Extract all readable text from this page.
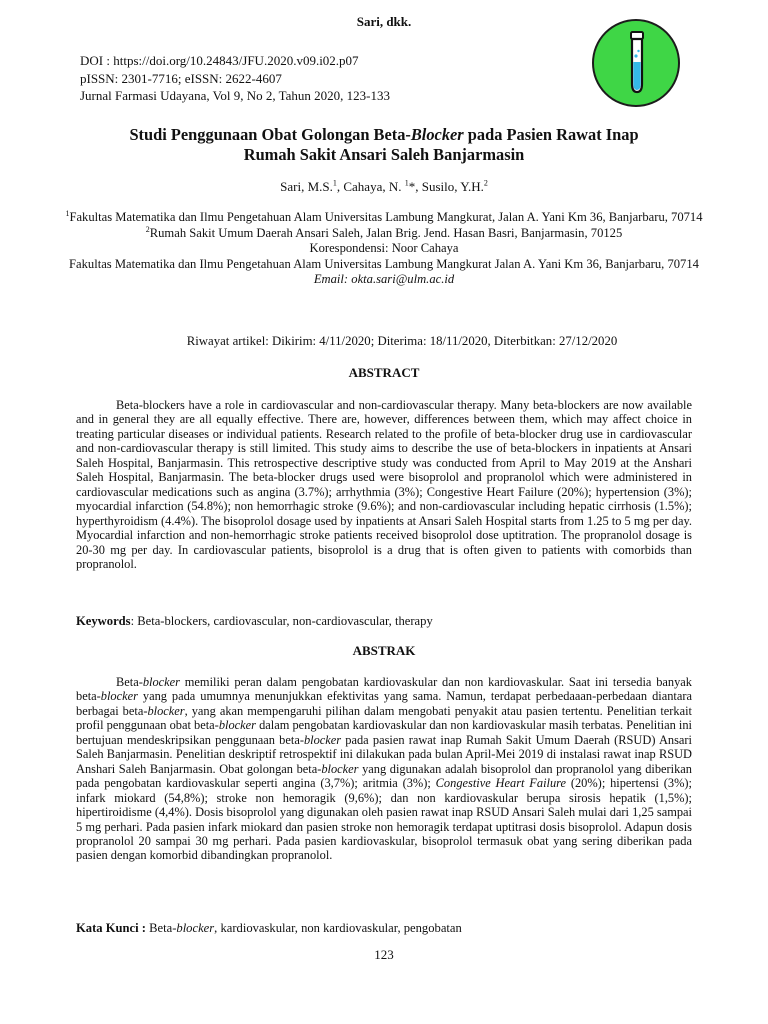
Sari, dkk.
DOI : https://doi.org/10.24843/JFU.2020.v09.i02.p07
pISSN: 2301-7716; eISSN: 2622-4607
Jurnal Farmasi Udayana, Vol 9, No 2, Tahun 2020, 123-133
Studi Penggunaan Obat Golongan Beta-Blocker pada Pasien Rawat Inap
Rumah Sakit Ansari Saleh Banjarmasin
Sari, M.S.$^1$, Cahaya, N. $^1$*, Susilo, Y.H.$^2$
$^1$Fakultas Matematika dan Ilmu Pengetahuan Alam Universitas Lambung Mangkurat, Jalan A. Yani Km 36, Banjarbaru, 70714
$^2$Rumah Sakit Umum Daerah Ansari Saleh, Jalan Brig. Jend. Hasan Basri, Banjarmasin, 70125
Korespondensi: Noor Cahaya
Fakultas Matematika dan Ilmu Pengetahuan Alam Universitas Lambung Mangkurat Jalan A. Yani Km 36, Banjarbaru, 70714
Email: okta.sari@ulm.ac.id
Riwayat artikel: Dikirim: 4/11/2020; Diterima: 18/11/2020, Diterbitkan: 27/12/2020
ABSTRACT
Beta-blockers have a role in cardiovascular and non-cardiovascular therapy. Many beta-blockers are now available and in general they are all equally effective. There are, however, differences between them, which may affect choice in treating particular diseases or individual patients. Research related to the profile of beta-blocker drug use in cardiovascular and non-cardiovascular therapy is still limited. This study aims to describe the use of beta-blockers in inpatients at Ansari Saleh Hospital, Banjarmasin. This retrospective descriptive study was conducted from April to May 2019 at the Anshari Saleh Hospital, Banjarmasin. The beta-blocker drugs used were bisoprolol and propranolol which were administered in cardiovascular medications such as angina (3.7%); arrhythmia (3%); Congestive Heart Failure (20%); hypertension (3%); myocardial infarction (54.8%); non hemorrhagic stroke (9.6%); and non-cardiovascular including hepatic cirrhosis (1.5%); hyperthyroidism (4.4%). The bisoprolol dosage used by inpatients at Ansari Saleh Hospital starts from 1.25 to 5 mg per day. Myocardial infarction and non-hemorrhagic stroke patients received bisoprolol dose uptitration. The propranolol dosage is 20-30 mg per day. In cardiovascular patients, bisoprolol is a drug that is often given to patients with comorbids than propranolol.
Keywords: Beta-blockers, cardiovascular, non-cardiovascular, therapy
ABSTRAK
Beta-blocker memiliki peran dalam pengobatan kardiovaskular dan non kardiovaskular. Saat ini tersedia banyak beta-blocker yang pada umumnya menunjukkan efektivitas yang sama. Namun, terdapat perbedaaan-perbedaan diantara berbagai beta-blocker, yang akan mempengaruhi pilihan dalam mengobati penyakit atau pasien tertentu. Penelitian terkait profil penggunaan obat beta-blocker dalam pengobatan kardiovaskular dan non kardiovaskular masih terbatas. Penelitian ini bertujuan mendeskripsikan penggunaan beta-blocker pada pasien rawat inap Rumah Sakit Umum Daerah (RSUD) Ansari Saleh Banjarmasin. Penelitian deskriptif retrospektif ini dilakukan pada bulan April-Mei 2019 di instalasi rawat inap RSUD Anshari Saleh Banjarmasin. Obat golongan beta-blocker yang digunakan adalah bisoprolol dan propranolol yang diberikan pada pengobatan kardiovaskular seperti angina (3,7%); aritmia (3%); Congestive Heart Failure (20%); hipertensi (3%); infark miokard (54,8%); stroke non hemoragik (9,6%); dan non kardiovaskular berupa sirosis hepatik (1,5%); hipertiroidisme (4,4%). Dosis bisoprolol yang digunakan oleh pasien rawat inap RSUD Ansari Saleh mulai dari 1,25 sampai 5 mg perhari. Pada pasien infark miokard dan pasien stroke non hemoragik terdapat uptitrasi dosis bisoprolol. Adapun dosis propranolol 20 sampai 30 mg perhari. Pada pasien kardiovaskular, bisoprolol termasuk obat yang sering diberikan pada pasien dengan komorbid dibandingkan propranolol.
Kata Kunci : Beta-blocker, kardiovaskular, non kardiovaskular, pengobatan
123
